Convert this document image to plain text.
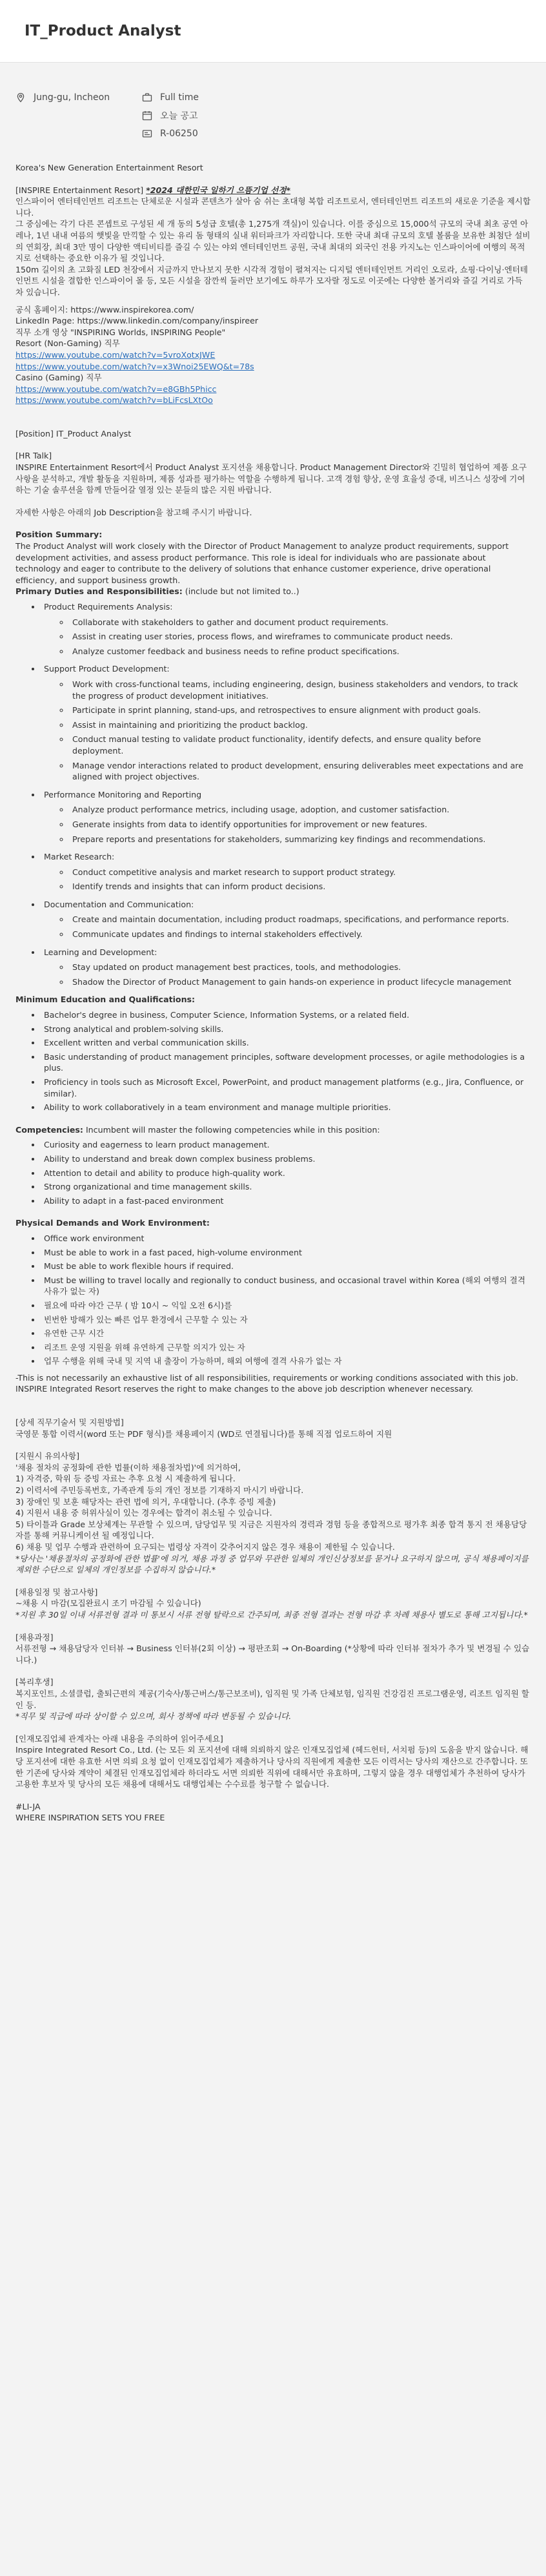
IT_Product Analyst
Jung-gu, Incheon	Full time
오늘 공고
R-06250

Korea's New Generation Entertainment Resort

[INSPIRE Entertainment Resort] *2024 대한민국 일하기 으뜸기업 선정*

인스파이어 엔터테인먼트 리조트는 단체로운 시설과 콘텐츠가 살아 숨 쉬는 초대형 복합 리조트로서, 엔터테인먼트 리조트의 새로운 기준을 제시합니다.

그 중심에는 각기 다른 콘셉트로 구성된 세 개 동의 5성급 호텔(총 1,275개 객실)이 있습니다. 이를 중심으로 15,000석 규모의 국내 최초 공연 아레나, 1년 내내 여름의 햇빛을 만끽할 수 있는 유리 돔 형태의 실내 워터파크가 자리합니다. 또한 국내 최대 규모의 호텔 볼룸을 보유한 최첨단 설비의 연회장, 최대 3만 명이 다양한 액티비티를 즐길 수 있는 야외 엔터테인먼트 공원, 국내 최대의 외국인 전용 카지노는 인스파이어에 여행의 목적지로 선택하는 중요한 이유가 될 것입니다.

150m 길이의 초 고화질 LED 천장에서 지금까지 만나보지 못한 시각적 경험이 펼쳐지는 디지털 엔터테인먼트 거리인 오로라, 쇼핑·다이닝·엔터테인먼트 시설을 결합한 인스파이어 몰 등, 모든 시설을 잠깐씩 둘러만 보기에도 하루가 모자랄 정도로 이곳에는 다양한 볼거리와 즐길 거리로 가득 차 있습니다.

공식 홈페이지: https://www.inspirekorea.com/

LinkedIn Page: https://www.linkedin.com/company/inspireer

직무 소개 영상 "INSPIRING Worlds, INSPIRING People"

Resort (Non-Gaming) 직무

https://www.youtube.com/watch?v=5vroXotxJWE

https://www.youtube.com/watch?v=x3Wnoi25EWQ&t=78s

Casino (Gaming) 직무

https://www.youtube.com/watch?v=e8GBh5Phicc

https://www.youtube.com/watch?v=bLiFcsLXtOo

[Position] IT_Product Analyst

[HR Talk]

INSPIRE Entertainment Resort에서 Product Analyst 포지션을 채용합니다. Product Management Director와 긴밀히 협업하여 제품 요구사항을 분석하고, 개발 활동을 지원하며, 제품 성과를 평가하는 역할을 수행하게 됩니다. 고객 경험 향상, 운영 효율성 증대, 비즈니스 성장에 기여하는 기술 솔루션을 함께 만들어갈 열정 있는 분들의 많은 지원 바랍니다.

자세한 사항은 아래의 Job Description을 참고해 주시기 바랍니다.

Position Summary:

The Product Analyst will work closely with the Director of Product Management to analyze product requirements, support development activities, and assess product performance. This role is ideal for individuals who are passionate about technology and eager to contribute to the delivery of solutions that enhance customer experience, drive operational efficiency, and support business growth.

Primary Duties and Responsibilities: (include but not limited to..)

• Product Requirements Analysis:
◦ Collaborate with stakeholders to gather and document product requirements.
◦ Assist in creating user stories, process flows, and wireframes to communicate product needs.
◦ Analyze customer feedback and business needs to refine product specifications.
• Support Product Development:
◦ Work with cross-functional teams, including engineering, design, business stakeholders and vendors, to track the progress of product development initiatives.
◦ Participate in sprint planning, stand-ups, and retrospectives to ensure alignment with product goals.
◦ Assist in maintaining and prioritizing the product backlog.
◦ Conduct manual testing to validate product functionality, identify defects, and ensure quality before deployment.
◦ Manage vendor interactions related to product development, ensuring deliverables meet expectations and are aligned with project objectives.
• Performance Monitoring and Reporting
◦ Analyze product performance metrics, including usage, adoption, and customer satisfaction.
◦ Generate insights from data to identify opportunities for improvement or new features.
◦ Prepare reports and presentations for stakeholders, summarizing key findings and recommendations.
• Market Research:
◦ Conduct competitive analysis and market research to support product strategy.
◦ Identify trends and insights that can inform product decisions.
• Documentation and Communication:
◦ Create and maintain documentation, including product roadmaps, specifications, and performance reports.
◦ Communicate updates and findings to internal stakeholders effectively.
• Learning and Development:
◦ Stay updated on product management best practices, tools, and methodologies.
◦ Shadow the Director of Product Management to gain hands-on experience in product lifecycle management
Minimum Education and Qualifications:
• Bachelor's degree in business, Computer Science, Information Systems, or a related field.
• Strong analytical and problem-solving skills.
• Excellent written and verbal communication skills.
• Basic understanding of product management principles, software development processes, or agile methodologies is a plus.
• Proficiency in tools such as Microsoft Excel, PowerPoint, and product management platforms (e.g., Jira, Confluence, or similar).
• Ability to work collaboratively in a team environment and manage multiple priorities.

Competencies: Incumbent will master the following competencies while in this position:

• Curiosity and eagerness to learn product management.
• Ability to understand and break down complex business problems.
• Attention to detail and ability to produce high-quality work.
• Strong organizational and time management skills.
• Ability to adapt in a fast-paced environment
Physical Demands and Work Environment:
• Office work environment
• Must be able to work in a fast paced, high-volume environment
• Must be able to work flexible hours if required.
• Must be willing to travel locally and regionally to conduct business, and occasional travel within Korea (해외 여행의 결격 사유가 없는 자)
• 필요에 따라 야간 근무 ( 밤 10시 ~ 익일 오전 6시)를
• 빈번한 방해가 있는 빠른 업무 환경에서 근무할 수 있는 자
• 유연한 근무 시간
• 리조트 운영 지원을 위해 유연하게 근무할 의지가 있는 자
• 업무 수행을 위해 국내 및 지역 내 출장이 가능하며, 해외 여행에 결격 사유가 없는 자

-This is not necessarily an exhaustive list of all responsibilities, requirements or working conditions associated with this job. INSPIRE Integrated Resort reserves the right to make changes to the above job description whenever necessary.

[상세 직무기술서 및 지원방법]

국영문 통합 이력서(word 또는 PDF 형식)를 채용페이지 (WD로 연결됩니다)를 통해 직접 업로드하여 지원

[지원시 유의사항]

'채용 절차의 공정화에 관한 법률(이하 채용절차법)'에 의거하여,

1) 자격증, 학위 등 증빙 자료는 추후 요청 시 제출하게 됩니다.

2) 이력서에 주민등록번호, 가족관계 등의 개인 정보를 기재하지 마시기 바랍니다.

3) 장애인 및 보훈 해당자는 관련 법에 의거, 우대합니다. (추후 증빙 제출)

4) 지원서 내용 중 허위사실이 있는 경우에는 합격이 취소될 수 있습니다.

5) 타이틀과 Grade 보상체계는 무관할 수 있으며, 담당업무 및 지금은 지원자의 경력과 경험 등을 종합적으로 평가후 최종 합격 통지 전 채용담당자를 통해 커뮤니케이션 될 예정입니다.

6) 채용 및 업무 수행과 관련하여 요구되는 법령상 자격이 갖추어지지 않은 경우 채용이 제한될 수 있습니다.

*당사는 '채용절차의 공정화에 관한 법률'에 의거, 채용 과정 중 업무와 무관한 일체의 개인신상정보를 묻거나 요구하지 않으며, 공식 채용페이지를 제외한 수단으로 일체의 개인정보를 수집하지 않습니다.*

[채용일정 및 참고사항]

~채용 시 마감(모집완료시 조기 마감될 수 있습니다)

*지원 후 30일 이내 서류전형 결과 미 통보시 서류 전형 탈락으로 간주되며, 최종 전형 결과는 전형 마감 후 차례 채용사 별도로 통해 고지됩니다.*

[채용과정]

서류전형 → 채용담당자 인터뷰 → Business 인터뷰(2회 이상) → 평판조회 → On-Boarding (*상황에 따라 인터뷰 절차가 추가 및 변경될 수 있습니다.)

[복리후생]

복지포인트, 소셜클럽, 출퇴근편의 제공(기숙사/통근버스/통근보조비), 임직원 및 가족 단체보험, 임직원 건강검진 프로그램운영, 리조트 임직원 할인 등.

*직무 및 직급에 따라 상이할 수 있으며, 회사 정책에 따라 변동될 수 있습니다.

[인재모집업체 관계자는 아래 내용을 주의하여 읽어주세요]

Inspire Integrated Resort Co., Ltd. (는 모든 외 포지션에 대해 의뢰하지 않은 인재모집업체 (헤드헌터, 서치펌 등)의 도움을 받지 않습니다. 해당 포지션에 대한 유효한 서면 의뢰 요청 없이 인재모집업체가 제출하거나 당사의 직원에게 제출한 모든 이력서는 당사의 재산으로 간주합니다. 또한 기존에 당사와 계약이 체결된 인재모집업체라 하더라도 서면 의뢰한 직위에 대해서만 유효하며, 그렇지 않을 경우 대행업체가 추천하여 당사가 고용한 후보자 및 당사의 모든 채용에 대해서도 대행업체는 수수료를 청구할 수 없습니다.

#LI-JA

WHERE INSPIRATION SETS YOU FREE
